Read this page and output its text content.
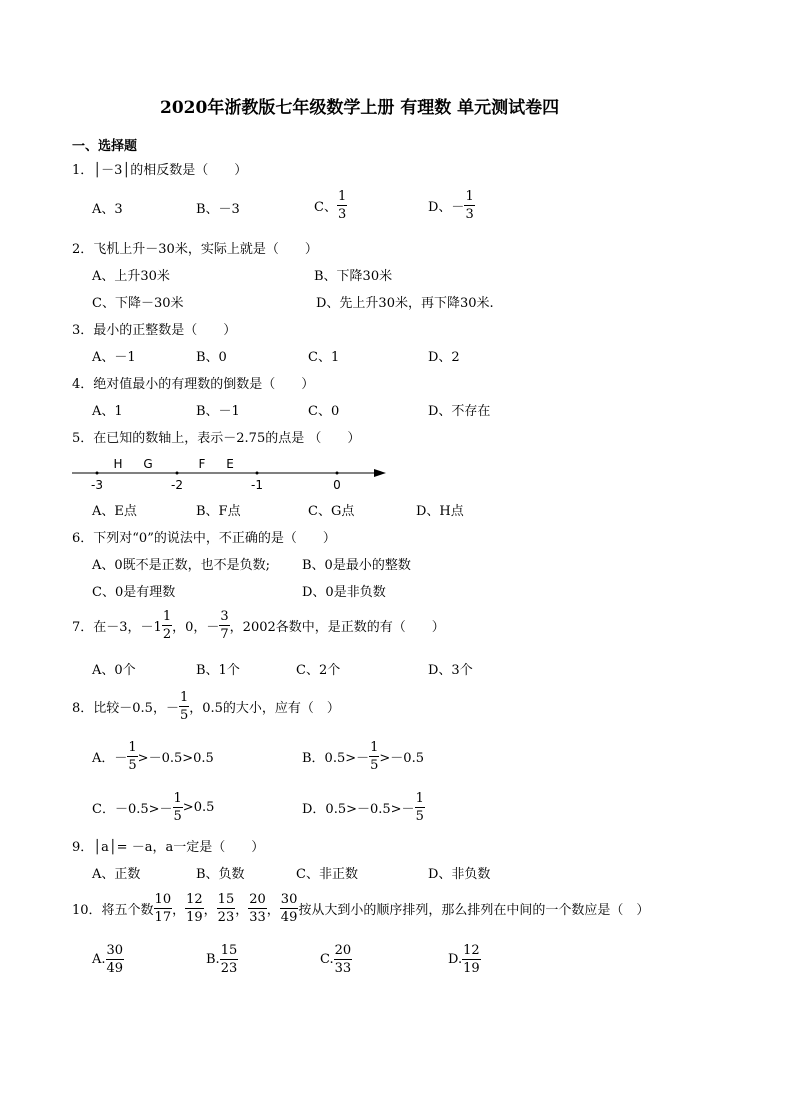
2020年浙教版七年级数学上册 有理数 单元测试卷四
一、选择题
1．│－3│的相反数是（　　）
A、3	B、－3	C、 $\frac{1}{3}$	D、－ $\frac{1}{3}$
2．飞机上升－30米，实际上就是（　　）
A、上升30米	B、下降30米
C、下降－30米	D、先上升30米，再下降30米.
3．最小的正整数是（　　）
A、－1	B、0	C、1	D、2
4．绝对值最小的有理数的倒数是（　　）
A、1	B、－1	C、0	D、不存在
5．在已知的数轴上，表示－2.75的点是 （　　）
H G	F E
-3	-2	-1	0
A、E点	B、F点	C、G点	D、H点
6．下列对“0”的说法中，不正确的是（　　）
A、0既不是正数，也不是负数; B、0是最小的整数
C、0是有理数	D、0是非负数
7．在－3，$-1 \frac{1}{2}$ ，0，－ $\frac{3}{7}$ ，2002各数中，是正数的有（　　）
A、0个	B、1个	C、2个	D、3个
8．比较－0.5，－ $\frac{1}{5}$ ，0.5的大小，应有（　）
A．－ $\frac{1}{5} >-0.5>0.5$	B．$0.5>- \frac{1}{5} >-0.5$
C．$-0.5>- \frac{1}{5} >0.5$	D．$0.5>-0.5>- \frac{1}{5}$
9．│a│= －a，a一定是（　　）
A、正数	B、负数	C、非正数	D、非负数
10．将五个数 $\frac{10}{17}$ ， $\frac{12}{19}$ ， $\frac{15}{23}$ ， $\frac{20}{33}$ ， $\frac{30}{49}$ 按从大到小的顺序排列，那么排列在中间的一个数应是（　）
A. $\frac{30}{49}$	B. $\frac{15}{23}$	C. $\frac{20}{33}$	D. $\frac{12}{19}$
